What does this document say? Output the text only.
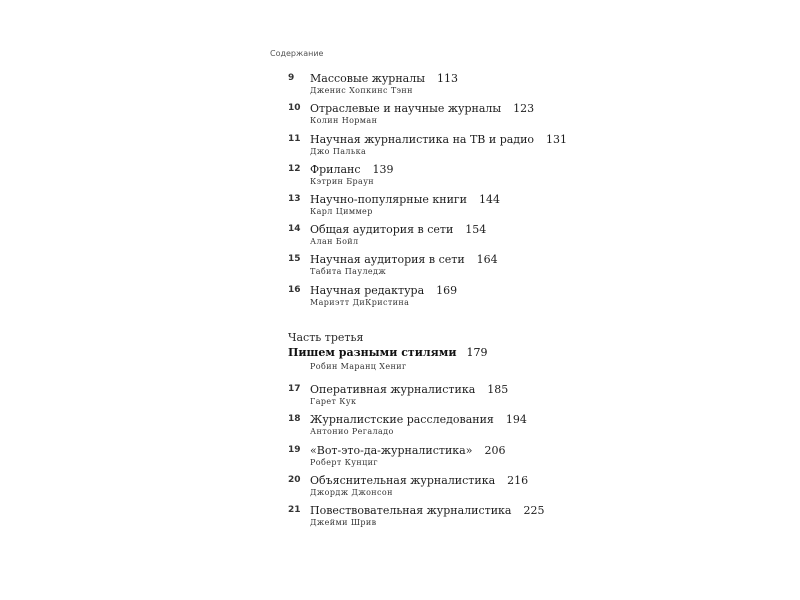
Содержание
9 Массовые журналы 113
Дженис Хопкинс Тэнн
10 Отраслевые и научные журналы 123
Колин Норман
11 Научная журналистика на ТВ и радио 131
Джо Палька
12 Фриланс 139
Кэтрин Браун
13 Научно-популярные книги 144
Карл Циммер
14 Общая аудитория в сети 154
Алан Бойл
15 Научная аудитория в сети 164
Табита Пауледж
16 Научная редактура 169
Мариэтт ДиКристина
Часть третья
Пишем разными стилями 179
Робин Маранц Хениг
17 Оперативная журналистика 185
Гарет Кук
18 Журналистские расследования 194
Антонио Регаладо
19 «Вот-это-да-журналистика» 206
Роберт Кунциг
20 Объяснительная журналистика 216
Джордж Джонсон
21 Повествовательная журналистика 225
Джейми Шрив
